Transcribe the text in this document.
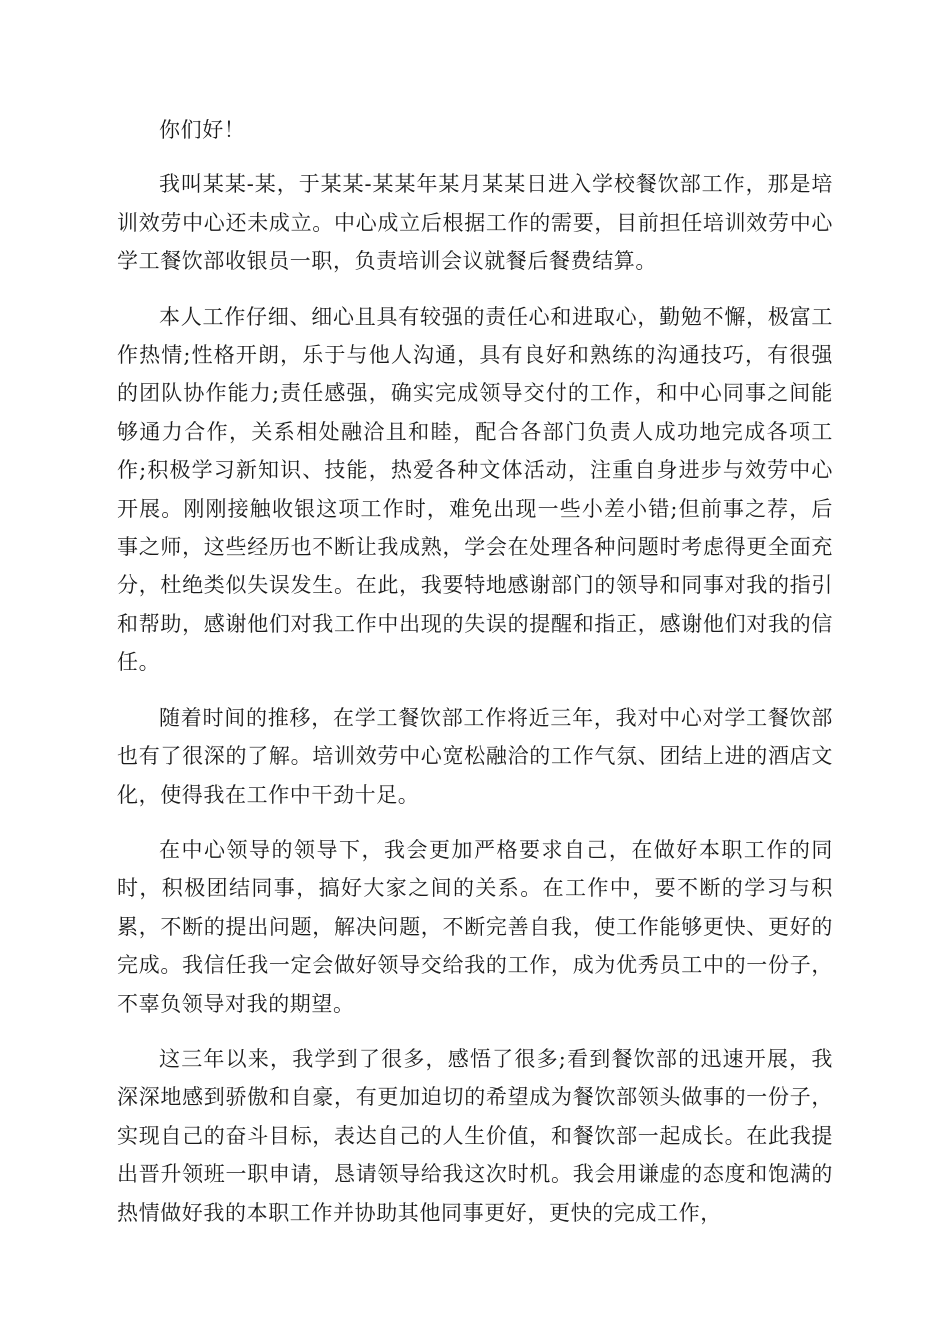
你们好！

我叫某某-某，于某某-某某年某月某某日进入学校餐饮部工作，那是培训效劳中心还未成立。中心成立后根据工作的需要，目前担任培训效劳中心学工餐饮部收银员一职，负责培训会议就餐后餐费结算。

本人工作仔细、细心且具有较强的责任心和进取心，勤勉不懈，极富工作热情;性格开朗，乐于与他人沟通，具有良好和熟练的沟通技巧，有很强的团队协作能力;责任感强，确实完成领导交付的工作，和中心同事之间能够通力合作，关系相处融洽且和睦，配合各部门负责人成功地完成各项工作;积极学习新知识、技能，热爱各种文体活动，注重自身进步与效劳中心开展。刚刚接触收银这项工作时，难免出现一些小差小错;但前事之荐，后事之师，这些经历也不断让我成熟，学会在处理各种问题时考虑得更全面充分，杜绝类似失误发生。在此，我要特地感谢部门的领导和同事对我的指引和帮助，感谢他们对我工作中出现的失误的提醒和指正，感谢他们对我的信任。

随着时间的推移，在学工餐饮部工作将近三年，我对中心对学工餐饮部也有了很深的了解。培训效劳中心宽松融洽的工作气氛、团结上进的酒店文化，使得我在工作中干劲十足。

在中心领导的领导下，我会更加严格要求自己，在做好本职工作的同时，积极团结同事，搞好大家之间的关系。在工作中，要不断的学习与积累，不断的提出问题，解决问题，不断完善自我，使工作能够更快、更好的完成。我信任我一定会做好领导交给我的工作，成为优秀员工中的一份子，不辜负领导对我的期望。

这三年以来，我学到了很多，感悟了很多;看到餐饮部的迅速开展，我深深地感到骄傲和自豪，有更加迫切的希望成为餐饮部领头做事的一份子，实现自己的奋斗目标，表达自己的人生价值，和餐饮部一起成长。在此我提出晋升领班一职申请，恳请领导给我这次时机。我会用谦虚的态度和饱满的热情做好我的本职工作并协助其他同事更好，更快的完成工作，
